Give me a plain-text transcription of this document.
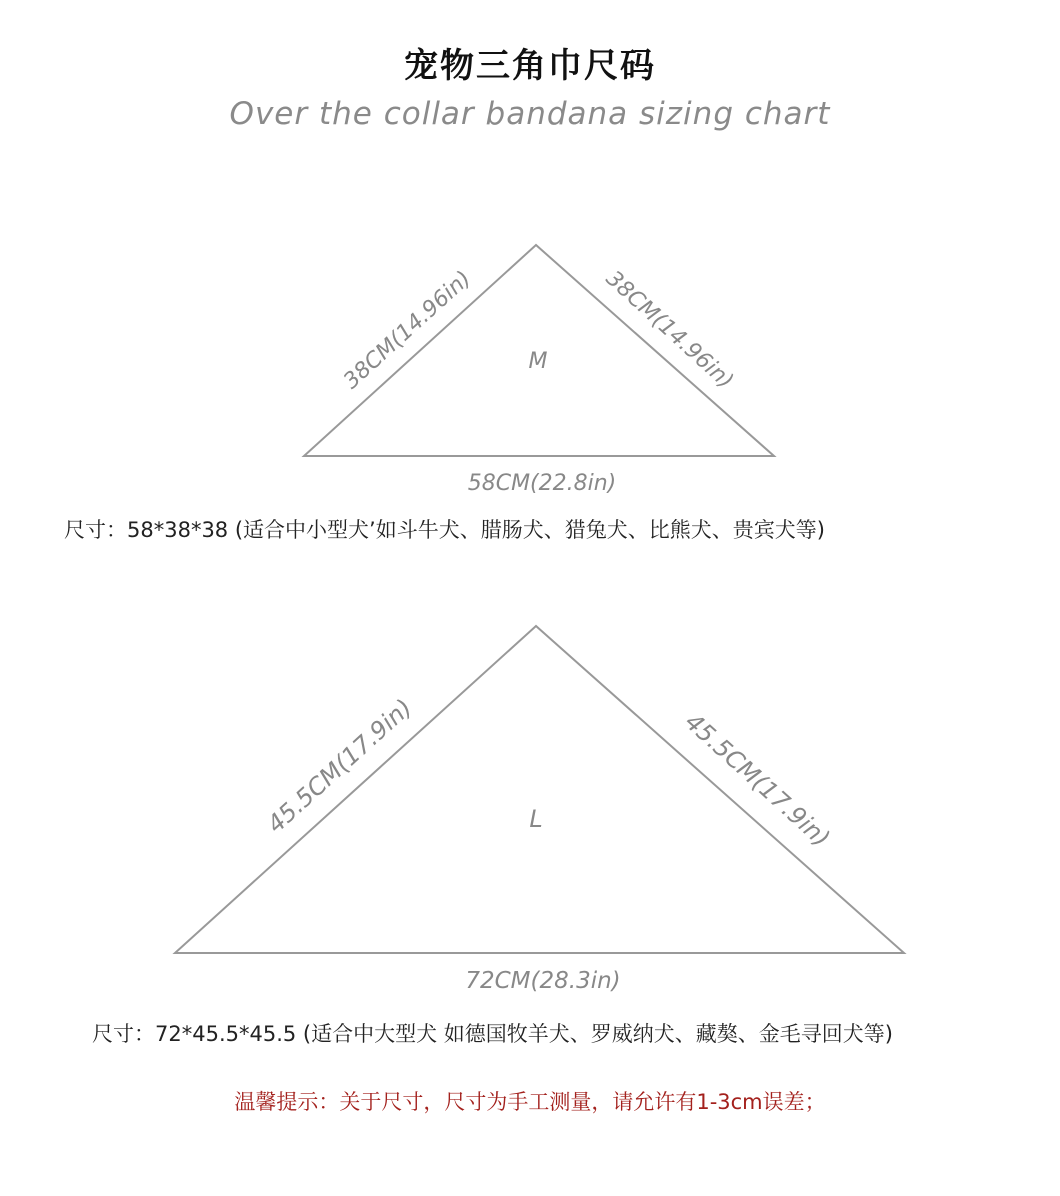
宠物三角巾尺码

Over the collar bandana sizing chart

38CM(14.96in)	38CM(14.96in)
M
58CM(22.8in)
45.5CM(17.9in)	45.5CM(17.9in)
L
72CM(28.3in)

尺寸：58*38*38 (适合中小型犬’如斗牛犬、腊肠犬、猎兔犬、比熊犬、贵宾犬等)

尺寸：72*45.5*45.5 (适合中大型犬 如德国牧羊犬、罗威纳犬、藏獒、金毛寻回犬等)

温馨提示：关于尺寸，尺寸为手工测量，请允许有1-3cm误差；
